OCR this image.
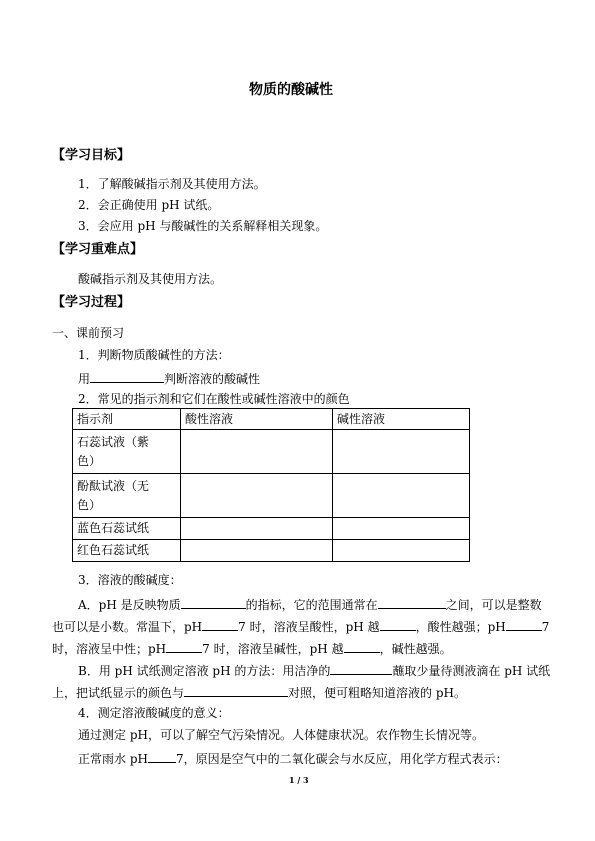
物质的酸碱性
【学习目标】
1．了解酸碱指示剂及其使用方法。
2．会正确使用 pH 试纸。
3．会应用 pH 与酸碱性的关系解释相关现象。
【学习重难点】
酸碱指示剂及其使用方法。
【学习过程】
一、课前预习
1．判断物质酸碱性的方法：
用	判断溶液的酸碱性
2．常见的指示剂和它们在酸性或碱性溶液中的颜色
指示剂	酸性溶液	碱性溶液
石蕊试液（紫
色）		
酚酞试液（无
色）		
蓝色石蕊试纸		
红色石蕊试纸		
3．溶液的酸碱度：
A．pH 是反映物质	的指标，它的范围通常在	之间，可以是整数
也可以是小数。常温下，pH	7 时，溶液呈酸性，pH 越	，酸性越强；pH	7
时，溶液呈中性；pH	7 时，溶液呈碱性，pH 越	，碱性越强。
B．用 pH 试纸测定溶液 pH 的方法：用洁净的	蘸取少量待测液滴在 pH 试纸
上，把试纸显示的颜色与	对照，便可粗略知道溶液的 pH。
4．测定溶液酸碱度的意义：
通过测定 pH，可以了解空气污染情况。人体健康状况。农作物生长情况等。
正常雨水 pH 7，原因是空气中的二氧化碳会与水反应，用化学方程式表示：
1 / 3
